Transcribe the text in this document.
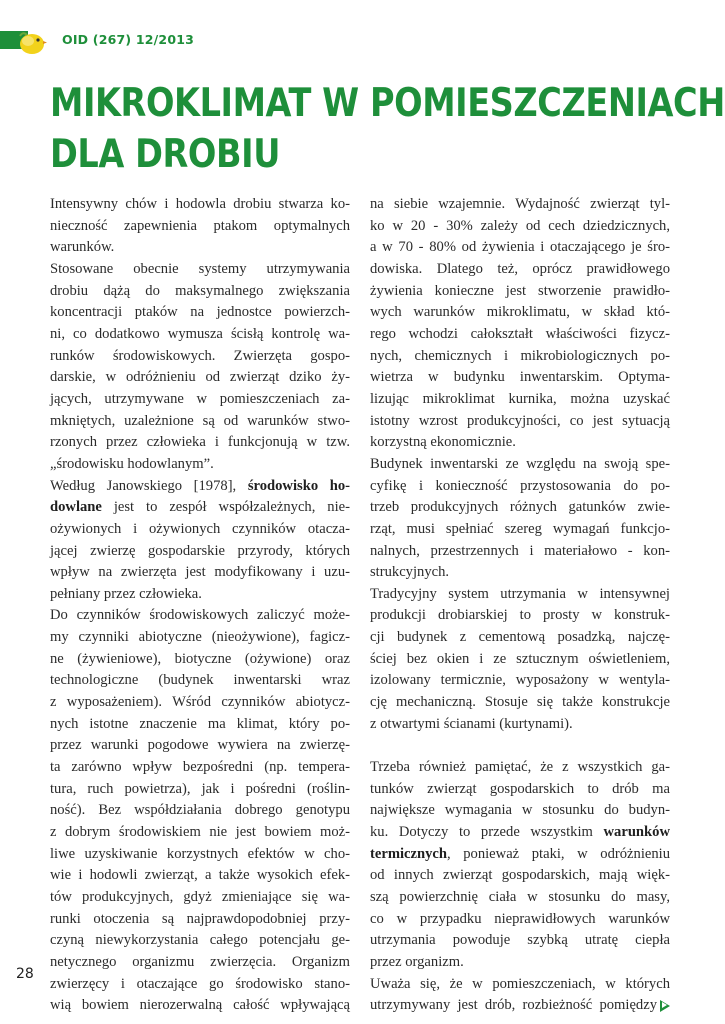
OID (267) 12/2013
MIKROKLIMAT W POMIESZCZENIACH
DLA DROBIU
Intensywny chów i hodowla drobiu stwarza ko-
nieczność zapewnienia ptakom optymalnych
warunków.
Stosowane obecnie systemy utrzymywania
drobiu dążą do maksymalnego zwiększania
koncentracji ptaków na jednostce powierzch-
ni, co dodatkowo wymusza ścisłą kontrolę wa-
runków środowiskowych. Zwierzęta gospo-
darskie, w odróżnieniu od zwierząt dziko ży-
jących, utrzymywane w pomieszczeniach za-
mkniętych, uzależnione są od warunków stwo-
rzonych przez człowieka i funkcjonują w tzw.
„środowisku hodowlanym”.
Według Janowskiego [1978], środowisko ho-
dowlane jest to zespół współzależnych, nie-
ożywionych i ożywionych czynników otacza-
jącej zwierzę gospodarskie przyrody, których
wpływ na zwierzęta jest modyfikowany i uzu-
pełniany przez człowieka.
Do czynników środowiskowych zaliczyć może-
my czynniki abiotyczne (nieożywione), fagicz-
ne (żywieniowe), biotyczne (ożywione) oraz
technologiczne (budynek inwentarski wraz
z wyposażeniem). Wśród czynników abiotycz-
nych istotne znaczenie ma klimat, który po-
przez warunki pogodowe wywiera na zwierzę-
ta zarówno wpływ bezpośredni (np. tempera-
tura, ruch powietrza), jak i pośredni (roślin-
ność). Bez współdziałania dobrego genotypu
z dobrym środowiskiem nie jest bowiem moż-
liwe uzyskiwanie korzystnych efektów w cho-
wie i hodowli zwierząt, a także wysokich efek-
tów produkcyjnych, gdyż zmieniające się wa-
runki otoczenia są najprawdopodobniej przy-
czyną niewykorzystania całego potencjału ge-
netycznego organizmu zwierzęcia. Organizm
zwierzęcy i otaczające go środowisko stano-
wią bowiem nierozerwalną całość wpływającą
na siebie wzajemnie. Wydajność zwierząt tyl-
ko w 20 - 30% zależy od cech dziedzicznych,
a w 70 - 80% od żywienia i otaczającego je śro-
dowiska. Dlatego też, oprócz prawidłowego
żywienia konieczne jest stworzenie prawidło-
wych warunków mikroklimatu, w skład któ-
rego wchodzi całokształt właściwości fizycz-
nych, chemicznych i mikrobiologicznych po-
wietrza w budynku inwentarskim. Optyma-
lizując mikroklimat kurnika, można uzyskać
istotny wzrost produkcyjności, co jest sytuacją
korzystną ekonomicznie.
Budynek inwentarski ze względu na swoją spe-
cyfikę i konieczność przystosowania do po-
trzeb produkcyjnych różnych gatunków zwie-
rząt, musi spełniać szereg wymagań funkcjo-
nalnych, przestrzennych i materiałowo - kon-
strukcyjnych.
Tradycyjny system utrzymania w intensywnej
produkcji drobiarskiej to prosty w konstruk-
cji budynek z cementową posadzką, najczę-
ściej bez okien i ze sztucznym oświetleniem,
izolowany termicznie, wyposażony w wentyla-
cję mechaniczną. Stosuje się także konstrukcje
z otwartymi ścianami (kurtynami).
Trzeba również pamiętać, że z wszystkich ga-
tunków zwierząt gospodarskich to drób ma
największe wymagania w stosunku do budyn-
ku. Dotyczy to przede wszystkim warunków
termicznych, ponieważ ptaki, w odróżnieniu
od innych zwierząt gospodarskich, mają więk-
szą powierzchnię ciała w stosunku do masy,
co w przypadku nieprawidłowych warunków
utrzymania powoduje szybką utratę ciepła
przez organizm.
Uważa się, że w pomieszczeniach, w których
utrzymywany jest drób, rozbieżność pomiędzy
28
